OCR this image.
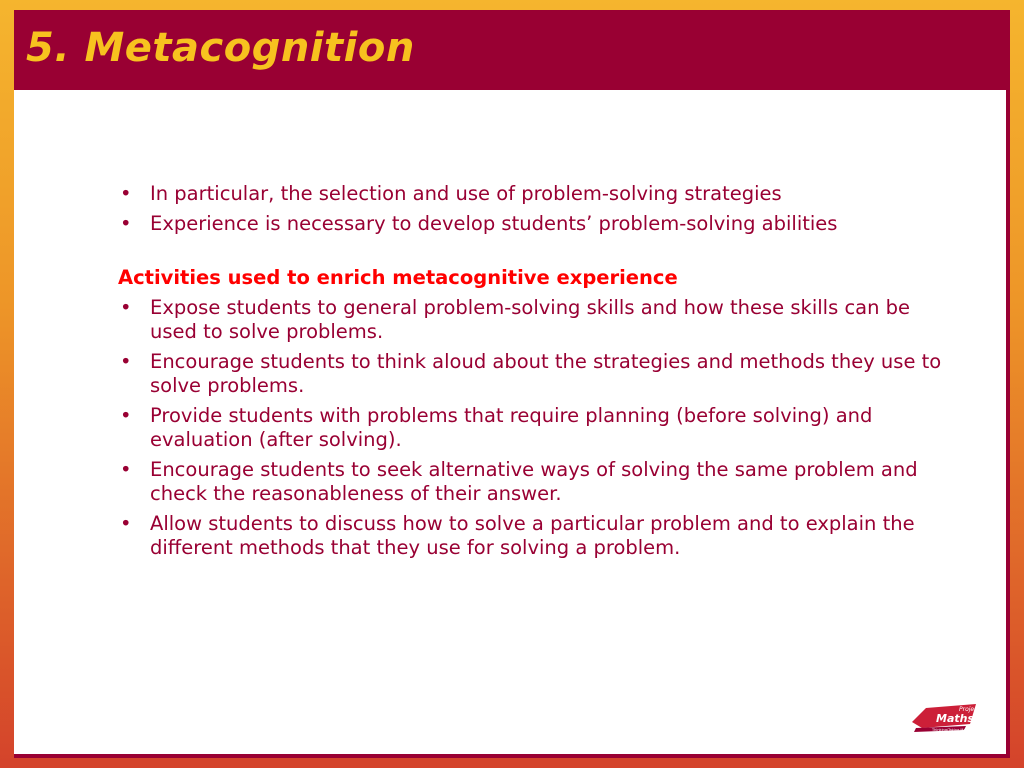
5. Metacognition
• In particular, the selection and use of problem-solving strategies
• Experience is necessary to develop students’ problem-solving abilities
Activities used to enrich metacognitive experience
• Expose students to general problem-solving skills and how these skills can be used to solve problems.
• Encourage students to think aloud about the strategies and methods they use to solve problems.
• Provide students with problems that require planning (before solving) and evaluation (after solving).
• Encourage students to seek alternative ways of solving the same problem and check the reasonableness of their answer.
• Allow students to discuss how to solve a particular problem and to explain the different methods that they use for solving a problem.
Project
Maths
Thinking/Taking Maths
